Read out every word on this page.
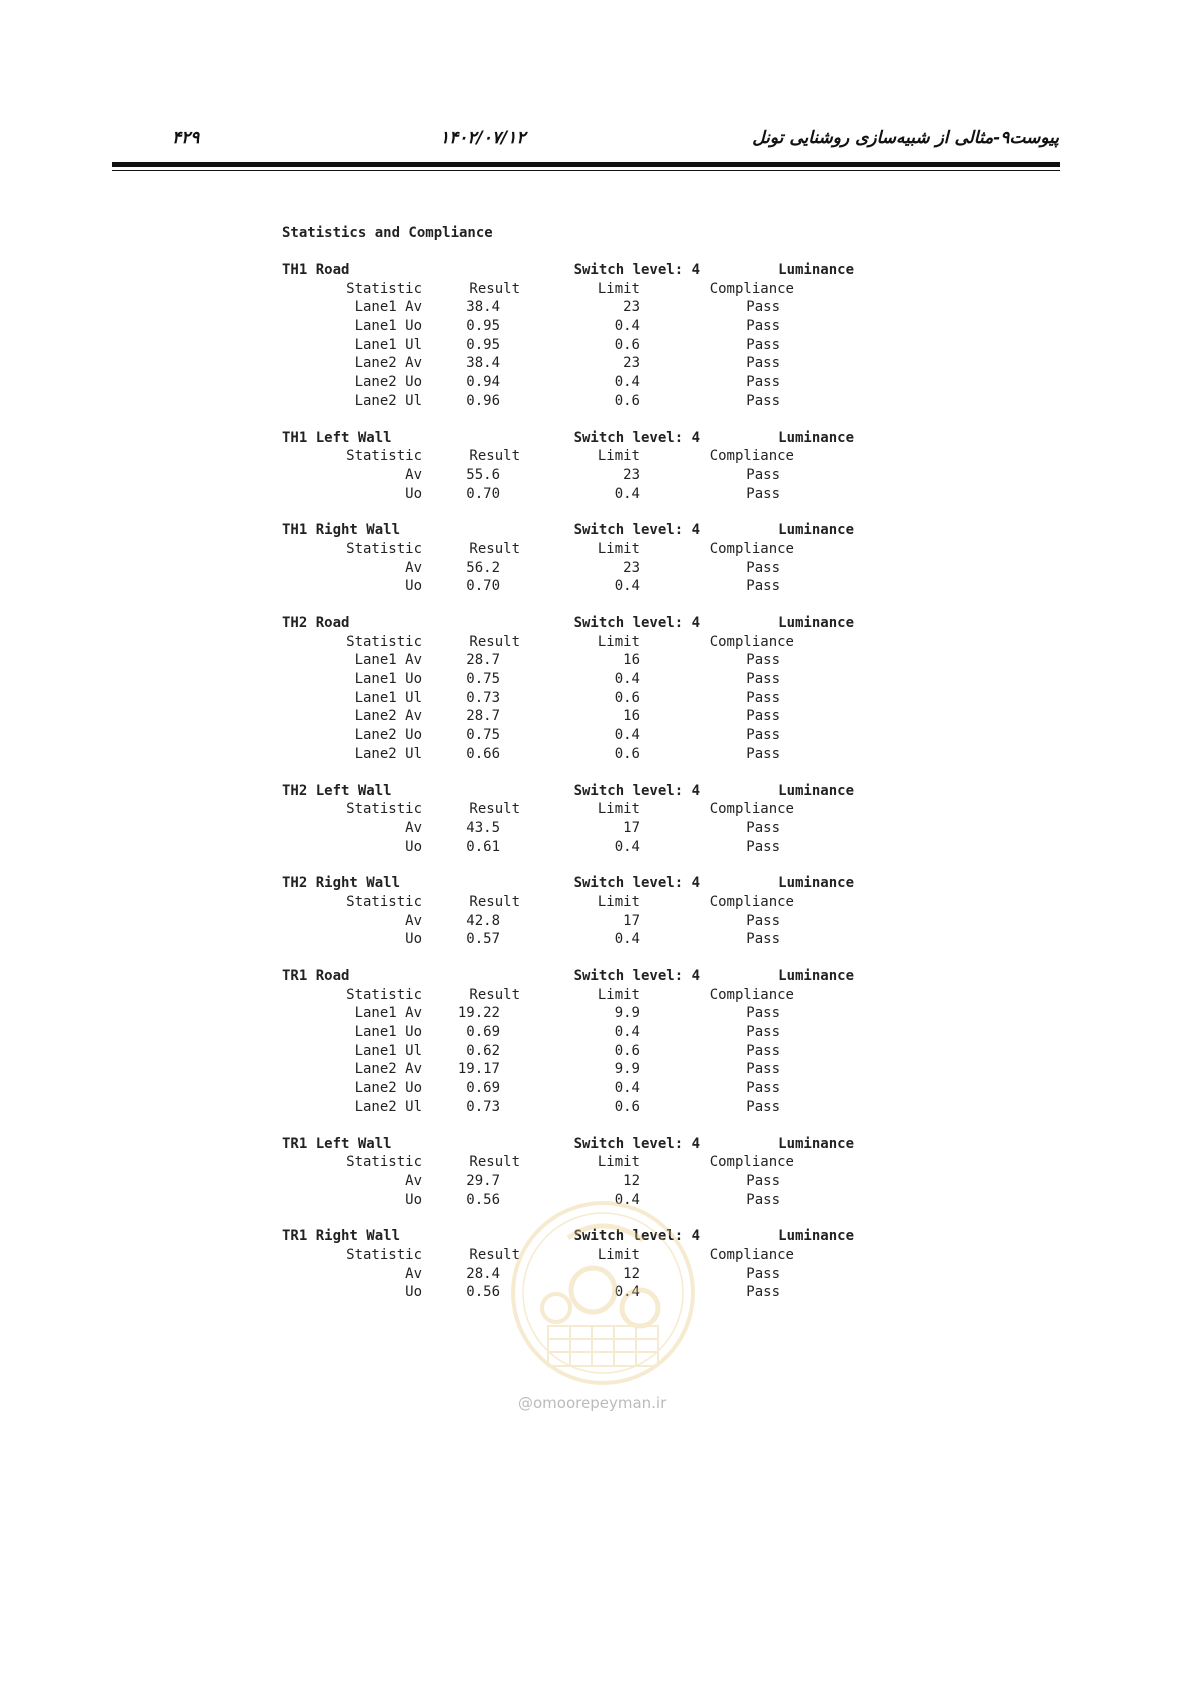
۴۲۹	۱۴۰۲/۰۷/۱۲	پیوست۹-مثالی از شبیه‌سازی روشنایی تونل
Statistics and Compliance
TH1 Road	Switch level: 4	Luminance
Statistic	Result	Limit	Compliance
Lane1 Av	38.4	23	Pass
Lane1 Uo	0.95	0.4	Pass
Lane1 Ul	0.95	0.6	Pass
Lane2 Av	38.4	23	Pass
Lane2 Uo	0.94	0.4	Pass
Lane2 Ul	0.96	0.6	Pass
TH1 Left Wall	Switch level: 4	Luminance
Statistic	Result	Limit	Compliance
Av	55.6	23	Pass
Uo	0.70	0.4	Pass
TH1 Right Wall	Switch level: 4	Luminance
Statistic	Result	Limit	Compliance
Av	56.2	23	Pass
Uo	0.70	0.4	Pass
TH2 Road	Switch level: 4	Luminance
Statistic	Result	Limit	Compliance
Lane1 Av	28.7	16	Pass
Lane1 Uo	0.75	0.4	Pass
Lane1 Ul	0.73	0.6	Pass
Lane2 Av	28.7	16	Pass
Lane2 Uo	0.75	0.4	Pass
Lane2 Ul	0.66	0.6	Pass
TH2 Left Wall	Switch level: 4	Luminance
Statistic	Result	Limit	Compliance
Av	43.5	17	Pass
Uo	0.61	0.4	Pass
TH2 Right Wall	Switch level: 4	Luminance
Statistic	Result	Limit	Compliance
Av	42.8	17	Pass
Uo	0.57	0.4	Pass
TR1 Road	Switch level: 4	Luminance
Statistic	Result	Limit	Compliance
Lane1 Av	19.22	9.9	Pass
Lane1 Uo	0.69	0.4	Pass
Lane1 Ul	0.62	0.6	Pass
Lane2 Av	19.17	9.9	Pass
Lane2 Uo	0.69	0.4	Pass
Lane2 Ul	0.73	0.6	Pass
TR1 Left Wall	Switch level: 4	Luminance
Statistic	Result	Limit	Compliance
Av	29.7	12	Pass
Uo	0.56	0.4	Pass
TR1 Right Wall	Switch level: 4	Luminance
Statistic	Result	Limit	Compliance
Av	28.4	12	Pass
Uo	0.56	0.4	Pass
@omoorepeyman.ir
